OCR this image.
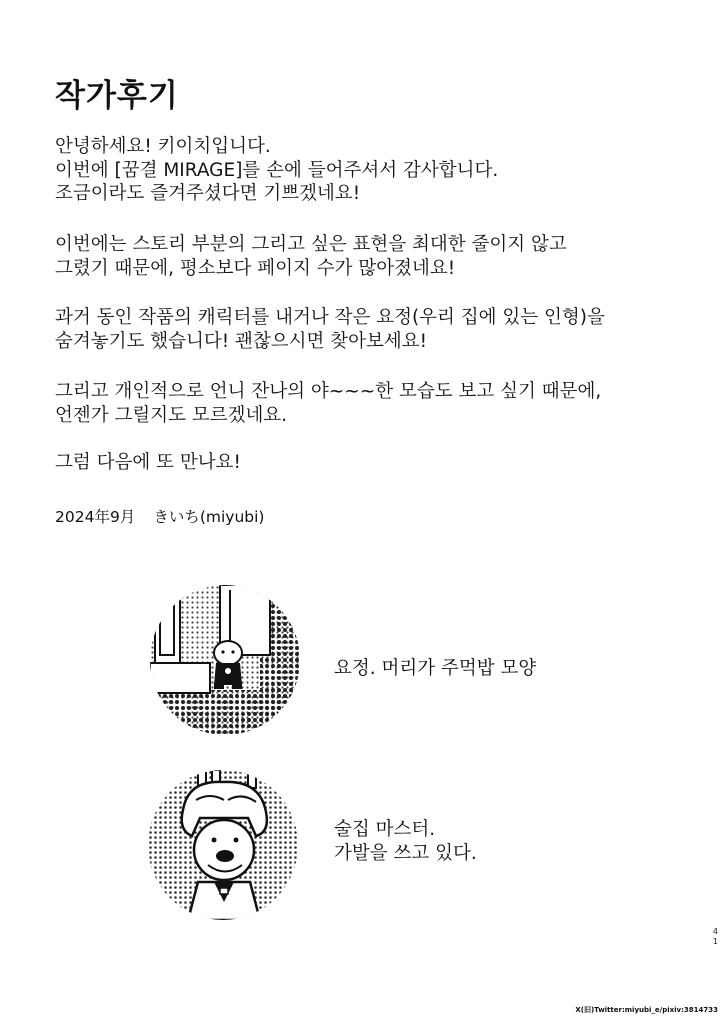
작가후기
안녕하세요! 키이치입니다.
이번에 [꿈결 MIRAGE]를 손에 들어주셔서 감사합니다.
조금이라도 즐겨주셨다면 기쁘겠네요!
이번에는 스토리 부분의 그리고 싶은 표현을 최대한 줄이지 않고
그렸기 때문에, 평소보다 페이지 수가 많아졌네요!
과거 동인 작품의 캐릭터를 내거나 작은 요정(우리 집에 있는 인형)을
숨겨놓기도 했습니다! 괜찮으시면 찾아보세요!
그리고 개인적으로 언니 잔나의 야~~~한 모습도 보고 싶기 때문에,
언젠가 그릴지도 모르겠네요.
그럼 다음에 또 만나요!
2024年9月 きいち(miyubi)
요정. 머리가 주먹밥 모양
술집 마스터.
가발을 쓰고 있다.
4
1
X(旧)Twitter:miyubi_e/pixiv:3814733
